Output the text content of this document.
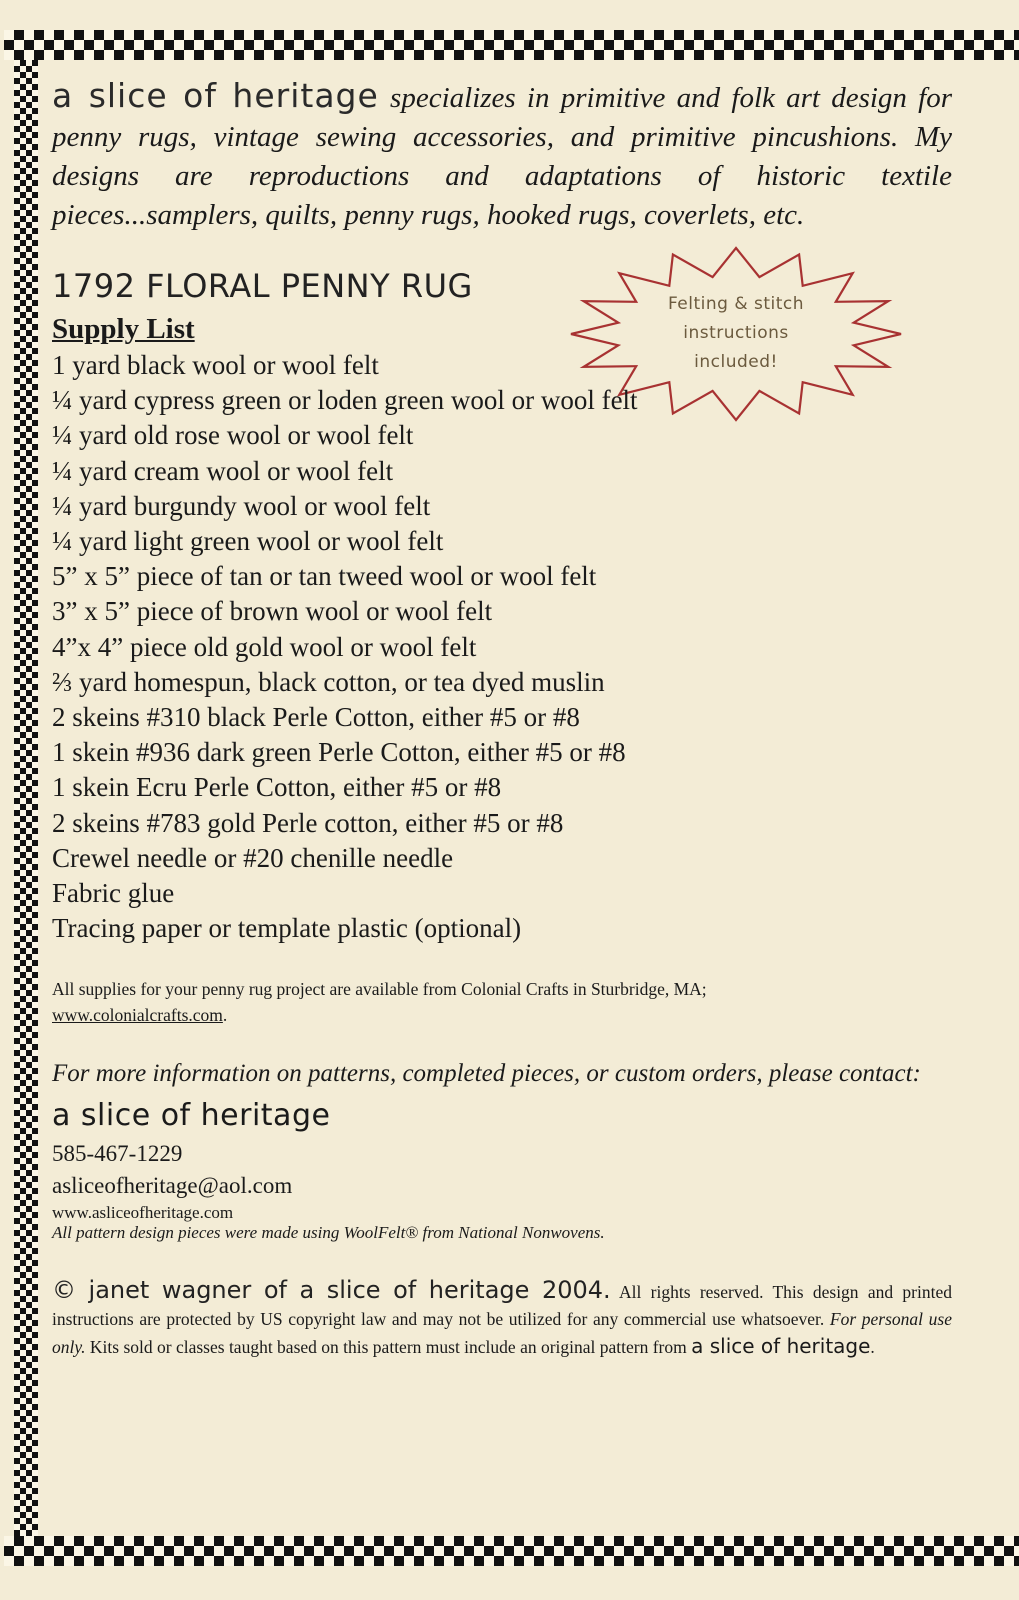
Felting & stitch
instructions
included!

a slice of heritage specializes in primitive and folk art design for penny rugs, vintage sewing accessories, and primitive pincushions. My designs are reproductions and adaptations of historic textile pieces...samplers, quilts, penny rugs, hooked rugs, coverlets, etc.

1792 FLORAL PENNY RUG
Supply List
1 yard black wool or wool felt
¼ yard cypress green or loden green wool or wool felt
¼ yard old rose wool or wool felt
¼ yard cream wool or wool felt
¼ yard burgundy wool or wool felt
¼ yard light green wool or wool felt
5” x 5” piece of tan or tan tweed wool or wool felt
3” x 5” piece of brown wool or wool felt
4”x 4” piece old gold wool or wool felt
⅔ yard homespun, black cotton, or tea dyed muslin
2 skeins #310 black Perle Cotton, either #5 or #8
1 skein #936 dark green Perle Cotton, either #5 or #8
1 skein Ecru Perle Cotton, either #5 or #8
2 skeins #783 gold Perle cotton, either #5 or #8
Crewel needle or #20 chenille needle
Fabric glue
Tracing paper or template plastic (optional)
All supplies for your penny rug project are available from Colonial Crafts in Sturbridge, MA;
www.colonialcrafts.com.
For more information on patterns, completed pieces, or custom orders, please contact:
a slice of heritage
585-467-1229
asliceofheritage@aol.com
www.asliceofheritage.com
All pattern design pieces were made using WoolFelt® from National Nonwovens.
© janet wagner of a slice of heritage 2004. All rights reserved. This design and printed instructions are protected by US copyright law and may not be utilized for any commercial use whatsoever. For personal use only. Kits sold or classes taught based on this pattern must include an original pattern from a slice of heritage.
